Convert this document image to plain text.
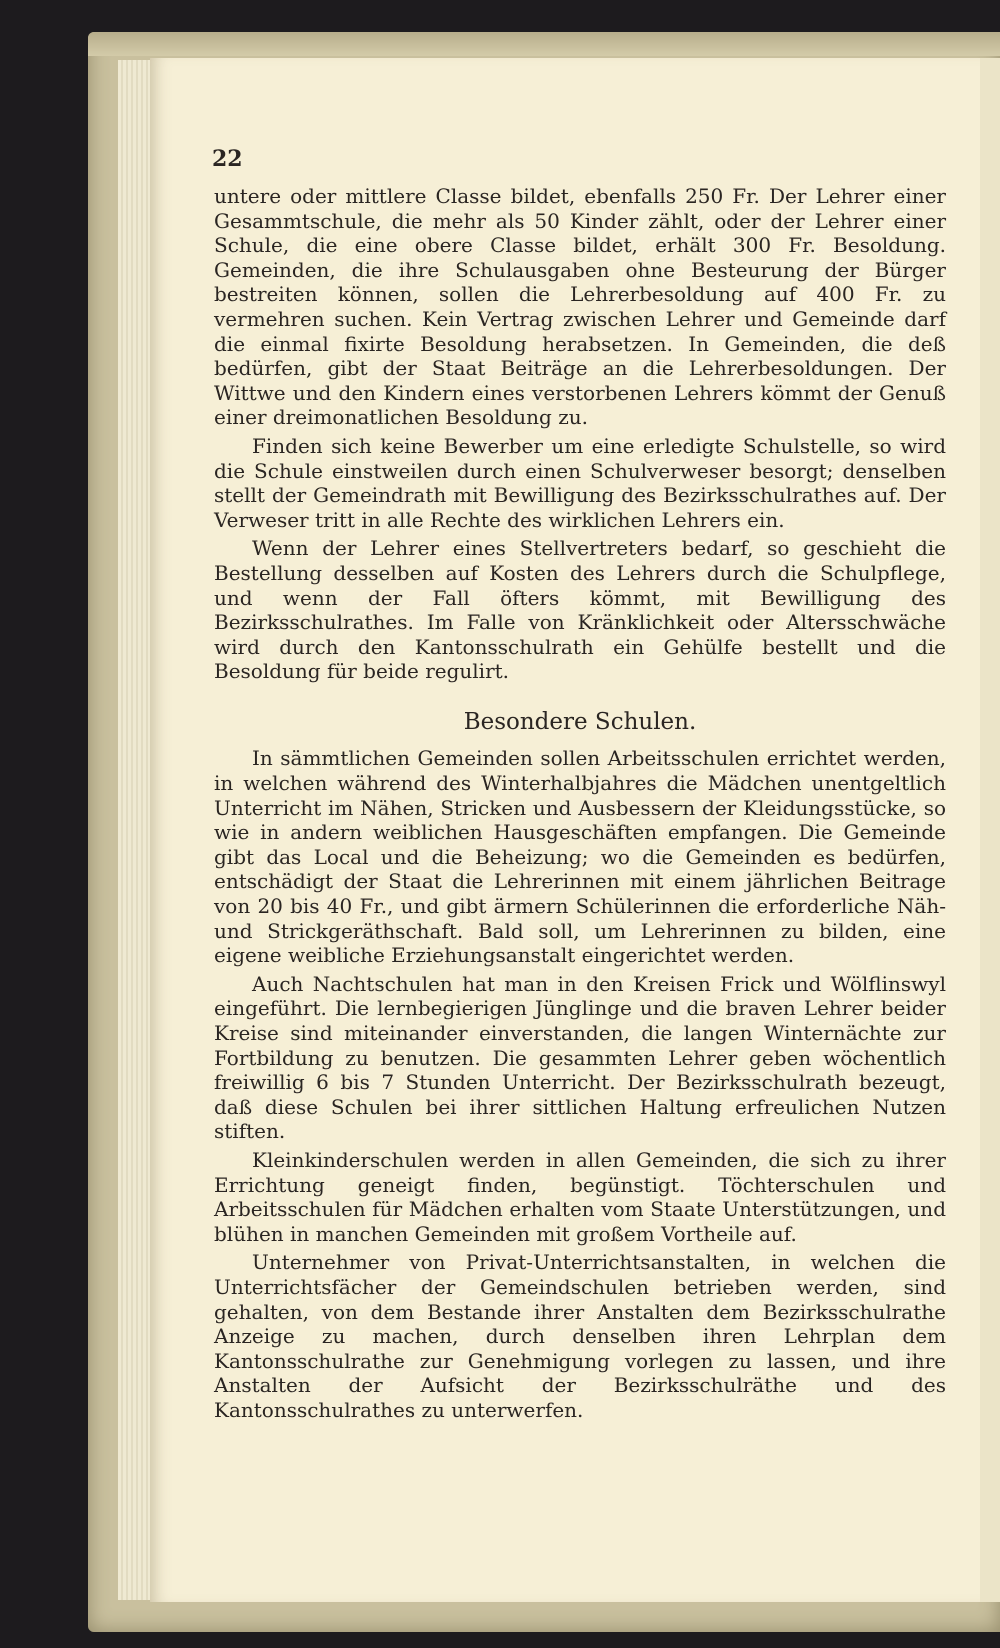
22

untere oder mittlere Classe bildet, ebenfalls 250 Fr. Der Lehrer einer Gesammtschule, die mehr als 50 Kinder zählt, oder der Lehrer einer Schule, die eine obere Classe bildet, erhält 300 Fr. Besoldung. Gemeinden, die ihre Schulausgaben ohne Besteurung der Bürger bestreiten können, sollen die Lehrerbesoldung auf 400 Fr. zu vermehren suchen. Kein Vertrag zwischen Lehrer und Gemeinde darf die einmal fixirte Besoldung herabsetzen. In Gemeinden, die deß bedürfen, gibt der Staat Beiträge an die Lehrerbesoldungen. Der Wittwe und den Kindern eines verstorbenen Lehrers kömmt der Genuß einer dreimonatlichen Besoldung zu.

Finden sich keine Bewerber um eine erledigte Schulstelle, so wird die Schule einstweilen durch einen Schulverweser besorgt; denselben stellt der Gemeindrath mit Bewilligung des Bezirksschulrathes auf. Der Verweser tritt in alle Rechte des wirklichen Lehrers ein.

Wenn der Lehrer eines Stellvertreters bedarf, so geschieht die Bestellung desselben auf Kosten des Lehrers durch die Schulpflege, und wenn der Fall öfters kömmt, mit Bewilligung des Bezirksschulrathes. Im Falle von Kränklichkeit oder Altersschwäche wird durch den Kantonsschulrath ein Gehülfe bestellt und die Besoldung für beide regulirt.

Besondere Schulen.

In sämmtlichen Gemeinden sollen Arbeitsschulen errichtet werden, in welchen während des Winterhalbjahres die Mädchen unentgeltlich Unterricht im Nähen, Stricken und Ausbessern der Kleidungsstücke, so wie in andern weiblichen Hausgeschäften empfangen. Die Gemeinde gibt das Local und die Beheizung; wo die Gemeinden es bedürfen, entschädigt der Staat die Lehrerinnen mit einem jährlichen Beitrage von 20 bis 40 Fr., und gibt ärmern Schülerinnen die erforderliche Näh- und Strickgeräthschaft. Bald soll, um Lehrerinnen zu bilden, eine eigene weibliche Erziehungsanstalt eingerichtet werden.

Auch Nachtschulen hat man in den Kreisen Frick und Wölflinswyl eingeführt. Die lernbegierigen Jünglinge und die braven Lehrer beider Kreise sind miteinander einverstanden, die langen Winternächte zur Fortbildung zu benutzen. Die gesammten Lehrer geben wöchentlich freiwillig 6 bis 7 Stunden Unterricht. Der Bezirksschulrath bezeugt, daß diese Schulen bei ihrer sittlichen Haltung erfreulichen Nutzen stiften.

Kleinkinderschulen werden in allen Gemeinden, die sich zu ihrer Errichtung geneigt finden, begünstigt. Töchterschulen und Arbeitsschulen für Mädchen erhalten vom Staate Unterstützungen, und blühen in manchen Gemeinden mit großem Vortheile auf.

Unternehmer von Privat-Unterrichtsanstalten, in welchen die Unterrichtsfächer der Gemeindschulen betrieben werden, sind gehalten, von dem Bestande ihrer Anstalten dem Bezirksschulrathe Anzeige zu machen, durch denselben ihren Lehrplan dem Kantonsschulrathe zur Genehmigung vorlegen zu lassen, und ihre Anstalten der Aufsicht der Bezirksschulräthe und des Kantonsschulrathes zu unterwerfen.
